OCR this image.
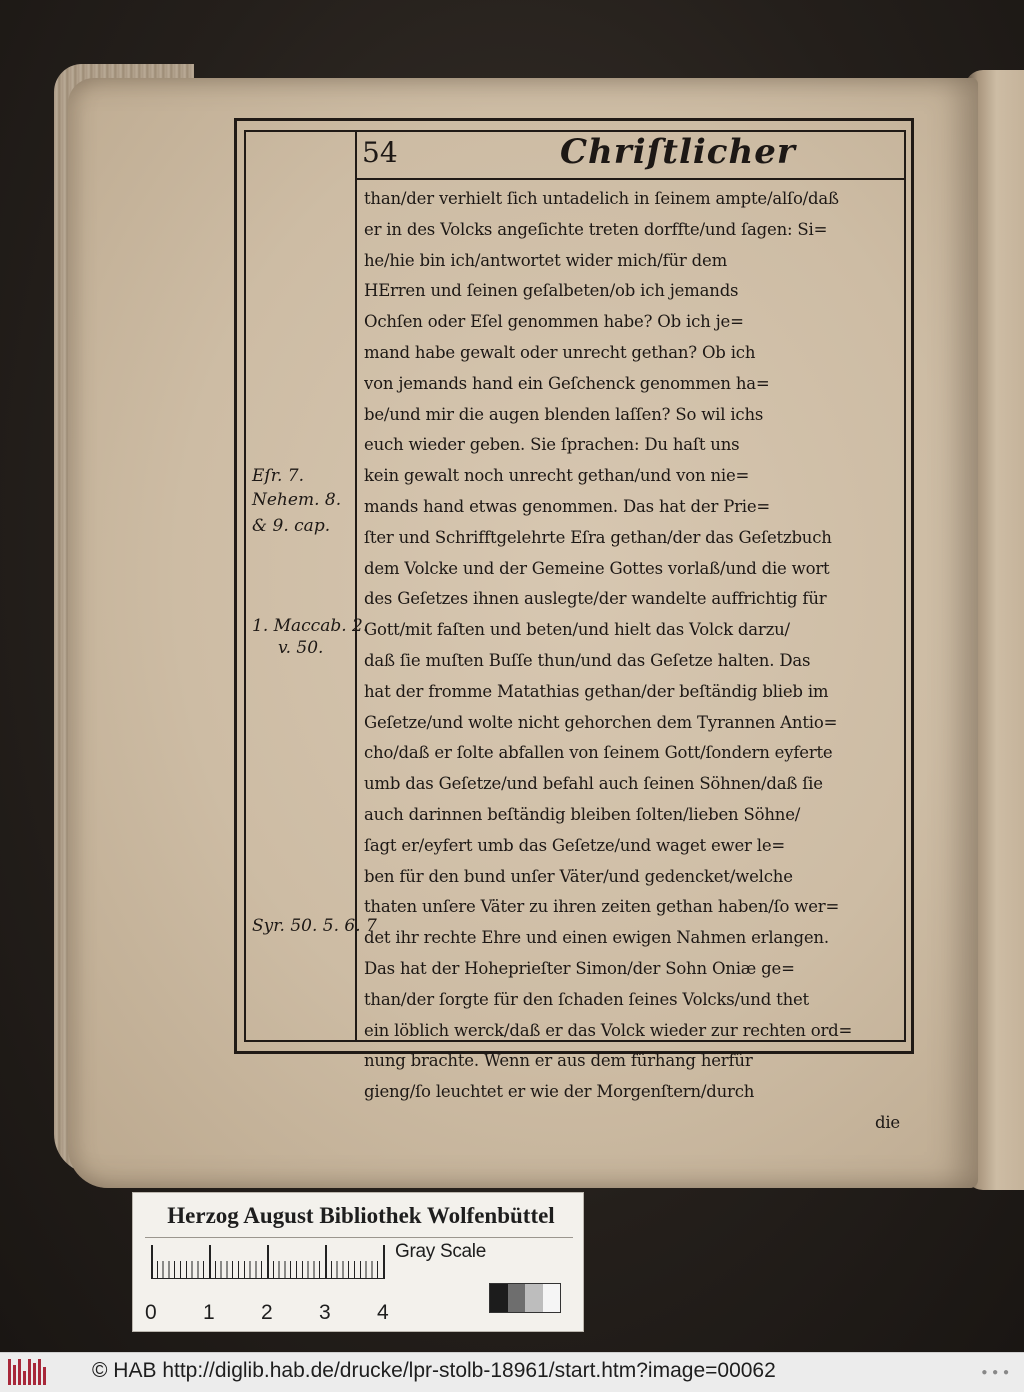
54	Chriſtlicher
than/der verhielt ſich untadelich in ſeinem ampte/alſo/daß
er in des Volcks angeſichte treten dorffte/und ſagen: Si=
he/hie bin ich/antwortet wider mich/für dem
HErren und ſeinen geſalbeten/ob ich jemands
Ochſen oder Eſel genommen habe? Ob ich je=
mand habe gewalt oder unrecht gethan? Ob ich
von jemands hand ein Geſchenck genommen ha=
be/und mir die augen blenden laſſen? So wil ichs
euch wieder geben. Sie ſprachen: Du haſt uns
kein gewalt noch unrecht gethan/und von nie=
mands hand etwas genommen. Das hat der Prie=
ſter und Schrifftgelehrte Eſra gethan/der das Geſetzbuch
dem Volcke und der Gemeine Gottes vorlaß/und die wort
des Geſetzes ihnen auslegte/der wandelte auffrichtig für
Gott/mit faſten und beten/und hielt das Volck darzu/
daß ſie muſten Buſſe thun/und das Geſetze halten. Das
hat der fromme Matathias gethan/der beſtändig blieb im
Geſetze/und wolte nicht gehorchen dem Tyrannen Antio=
cho/daß er ſolte abfallen von ſeinem Gott/ſondern eyferte
umb das Geſetze/und befahl auch ſeinen Söhnen/daß ſie
auch darinnen beſtändig bleiben ſolten/lieben Söhne/
ſagt er/eyfert umb das Geſetze/und waget ewer le=
ben für den bund unſer Väter/und gedencket/welche
thaten unſere Väter zu ihren zeiten gethan haben/ſo wer=
det ihr rechte Ehre und einen ewigen Nahmen erlangen.
Das hat der Hoheprieſter Simon/der Sohn Oniæ ge=
than/der ſorgte für den ſchaden ſeines Volcks/und thet
ein löblich werck/daß er das Volck wieder zur rechten ord=
nung brachte. Wenn er aus dem fürhang herfür
gieng/ſo leuchtet er wie der Morgenſtern/durch
die
Eſr. 7.
Nehem. 8.
& 9. cap.
1. Maccab. 2.
v. 50.
Syr. 50. 5. 6. 7
Herzog August Bibliothek Wolfenbüttel
0 1 2 3 4
Gray Scale
© HAB http://diglib.hab.de/drucke/lpr-stolb-18961/start.htm?image=00062	● ● ●
